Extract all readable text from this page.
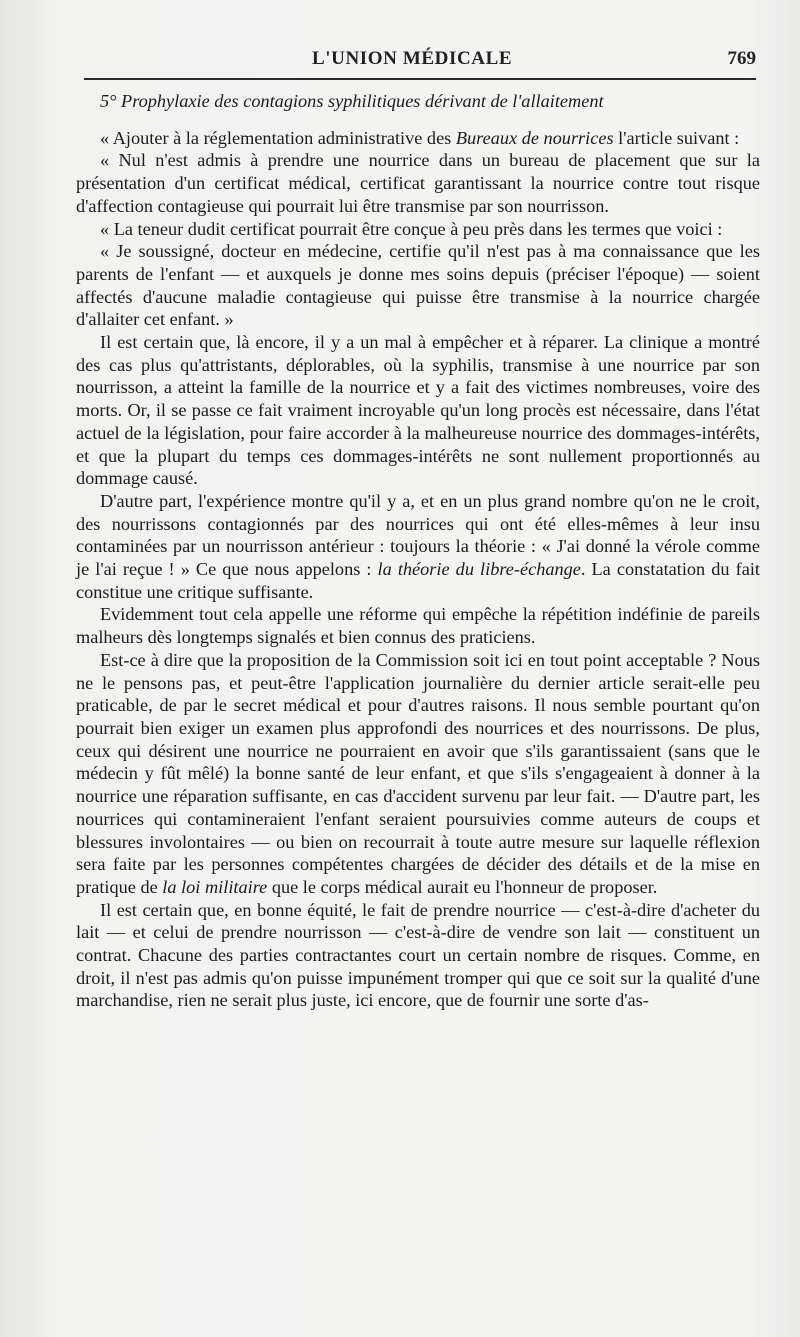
L'UNION MÉDICALE	769

5° Prophylaxie des contagions syphilitiques dérivant de l'allaitement

« Ajouter à la réglementation administrative des Bureaux de nourrices l'article suivant :

« Nul n'est admis à prendre une nourrice dans un bureau de placement que sur la présentation d'un certificat médical, certificat garantissant la nourrice contre tout risque d'affection contagieuse qui pourrait lui être transmise par son nourrisson.

« La teneur dudit certificat pourrait être conçue à peu près dans les termes que voici :

« Je soussigné, docteur en médecine, certifie qu'il n'est pas à ma connaissance que les parents de l'enfant — et auxquels je donne mes soins depuis (préciser l'époque) — soient affectés d'aucune maladie contagieuse qui puisse être transmise à la nourrice chargée d'allaiter cet enfant. »

Il est certain que, là encore, il y a un mal à empêcher et à réparer. La clinique a montré des cas plus qu'attristants, déplorables, où la syphilis, transmise à une nourrice par son nourrisson, a atteint la famille de la nourrice et y a fait des victimes nombreuses, voire des morts. Or, il se passe ce fait vraiment incroyable qu'un long procès est nécessaire, dans l'état actuel de la législation, pour faire accorder à la malheureuse nourrice des dommages-intérêts, et que la plupart du temps ces dommages-intérêts ne sont nullement proportionnés au dommage causé.

D'autre part, l'expérience montre qu'il y a, et en un plus grand nombre qu'on ne le croit, des nourrissons contagionnés par des nourrices qui ont été elles-mêmes à leur insu contaminées par un nourrisson antérieur : toujours la théorie : « J'ai donné la vérole comme je l'ai reçue ! » Ce que nous appelons : la théorie du libre-échange. La constatation du fait constitue une critique suffisante.

Evidemment tout cela appelle une réforme qui empêche la répétition indéfinie de pareils malheurs dès longtemps signalés et bien connus des praticiens.

Est-ce à dire que la proposition de la Commission soit ici en tout point acceptable ? Nous ne le pensons pas, et peut-être l'application journalière du dernier article serait-elle peu praticable, de par le secret médical et pour d'autres raisons. Il nous semble pourtant qu'on pourrait bien exiger un examen plus approfondi des nourrices et des nourrissons. De plus, ceux qui désirent une nourrice ne pourraient en avoir que s'ils garantissaient (sans que le médecin y fût mêlé) la bonne santé de leur enfant, et que s'ils s'engageaient à donner à la nourrice une réparation suffisante, en cas d'accident survenu par leur fait. — D'autre part, les nourrices qui contamineraient l'enfant seraient poursuivies comme auteurs de coups et blessures involontaires — ou bien on recourrait à toute autre mesure sur laquelle réflexion sera faite par les personnes compétentes chargées de décider des détails et de la mise en pratique de la loi militaire que le corps médical aurait eu l'honneur de proposer.

Il est certain que, en bonne équité, le fait de prendre nourrice — c'est-à-dire d'acheter du lait — et celui de prendre nourrisson — c'est-à-dire de vendre son lait — constituent un contrat. Chacune des parties contractantes court un certain nombre de risques. Comme, en droit, il n'est pas admis qu'on puisse impunément tromper qui que ce soit sur la qualité d'une marchandise, rien ne serait plus juste, ici encore, que de fournir une sorte d'as-
